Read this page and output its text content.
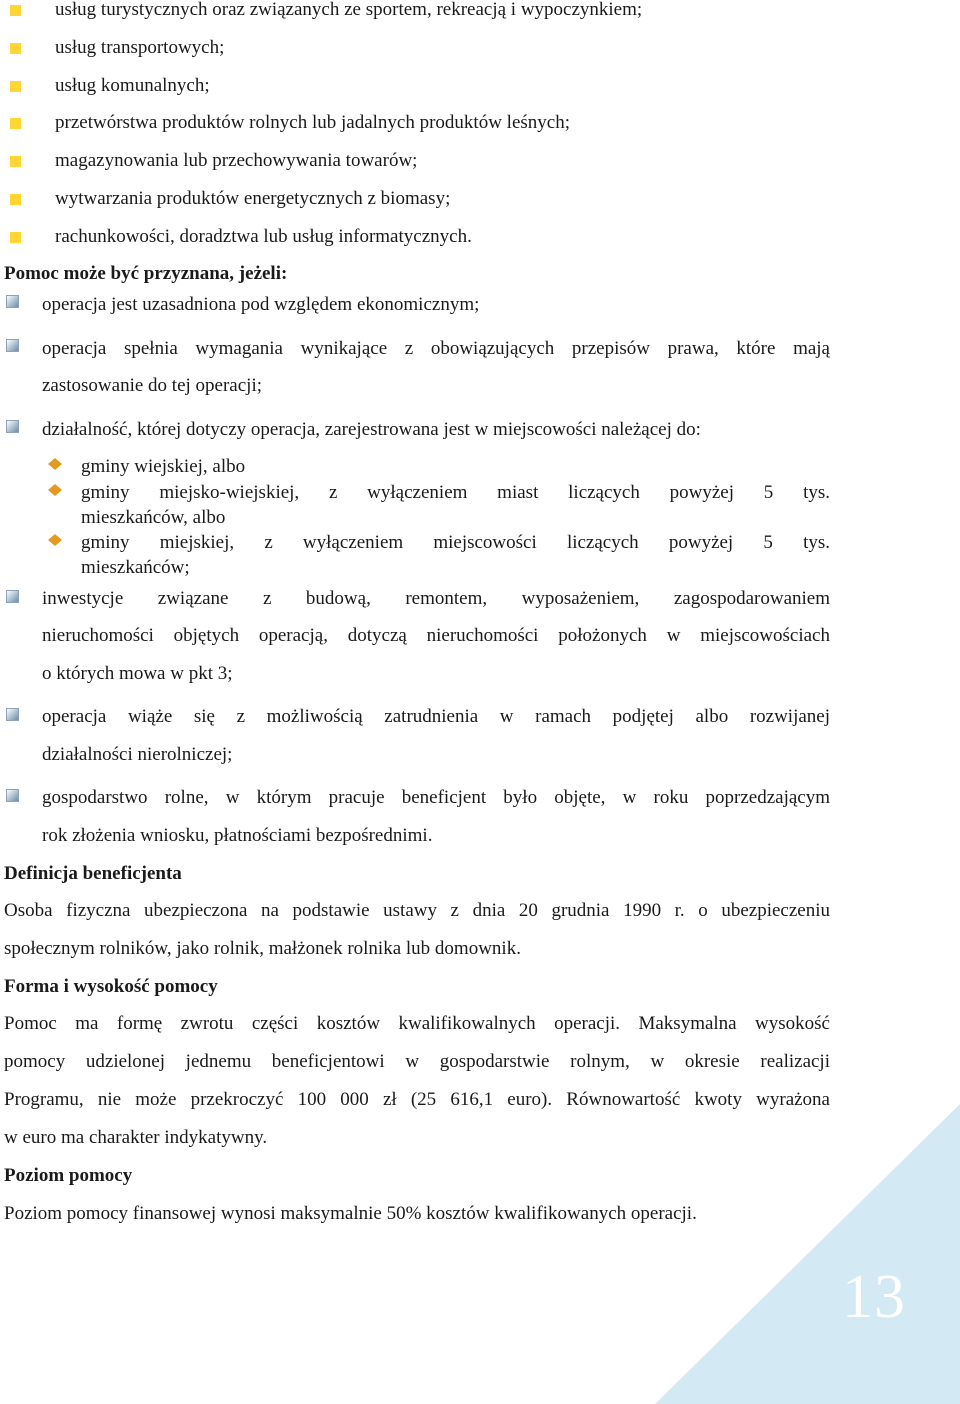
13
usług turystycznych oraz związanych ze sportem, rekreacją i wypoczynkiem;
usług transportowych;
usług komunalnych;
przetwórstwa produktów rolnych lub jadalnych produktów leśnych;
magazynowania lub przechowywania towarów;
wytwarzania produktów energetycznych z biomasy;
rachunkowości, doradztwa lub usług informatycznych.
Pomoc może być przyznana, jeżeli:
operacja jest uzasadniona pod względem ekonomicznym;
operacja spełnia wymagania wynikające z obowiązujących przepisów prawa, które mają
zastosowanie do tej operacji;
działalność, której dotyczy operacja, zarejestrowana jest w miejscowości należącej do:
gminy wiejskiej, albo
gminy miejsko-wiejskiej, z wyłączeniem miast liczących powyżej 5 tys.
mieszkańców, albo
gminy miejskiej, z wyłączeniem miejscowości liczących powyżej 5 tys.
mieszkańców;
inwestycje związane z budową, remontem, wyposażeniem, zagospodarowaniem
nieruchomości objętych operacją, dotyczą nieruchomości położonych w miejscowościach
o których mowa w pkt 3;
operacja wiąże się z możliwością zatrudnienia w ramach podjętej albo rozwijanej
działalności nierolniczej;
gospodarstwo rolne, w którym pracuje beneficjent było objęte, w roku poprzedzającym
rok złożenia wniosku, płatnościami bezpośrednimi.
Definicja beneficjenta
Osoba fizyczna ubezpieczona na podstawie ustawy z dnia 20 grudnia 1990 r. o ubezpieczeniu
społecznym rolników, jako rolnik, małżonek rolnika lub domownik.
Forma i wysokość pomocy
Pomoc ma formę zwrotu części kosztów kwalifikowalnych operacji. Maksymalna wysokość
pomocy udzielonej jednemu beneficjentowi w gospodarstwie rolnym, w okresie realizacji
Programu, nie może przekroczyć 100 000 zł (25 616,1 euro). Równowartość kwoty wyrażona
w euro ma charakter indykatywny.
Poziom pomocy
Poziom pomocy finansowej wynosi maksymalnie 50% kosztów kwalifikowanych operacji.
